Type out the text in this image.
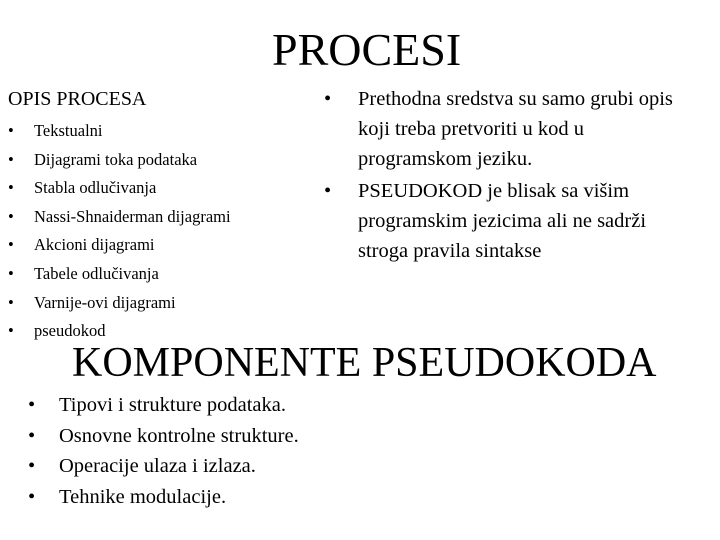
PROCESI
OPIS PROCESA
• Tekstualni
• Dijagrami toka podataka
• Stabla odlučivanja
• Nassi-Shnaiderman dijagrami
• Akcioni dijagrami
• Tabele odlučivanja
• Varnije-ovi dijagrami
• pseudokod
• Prethodna sredstva su samo grubi opis koji treba pretvoriti u kod u programskom jeziku.
• PSEUDOKOD je blisak sa višim programskim jezicima ali ne sadrži stroga pravila sintakse
KOMPONENTE PSEUDOKODA
• Tipovi i strukture podataka.
• Osnovne kontrolne strukture.
• Operacije ulaza i izlaza.
• Tehnike modulacije.
